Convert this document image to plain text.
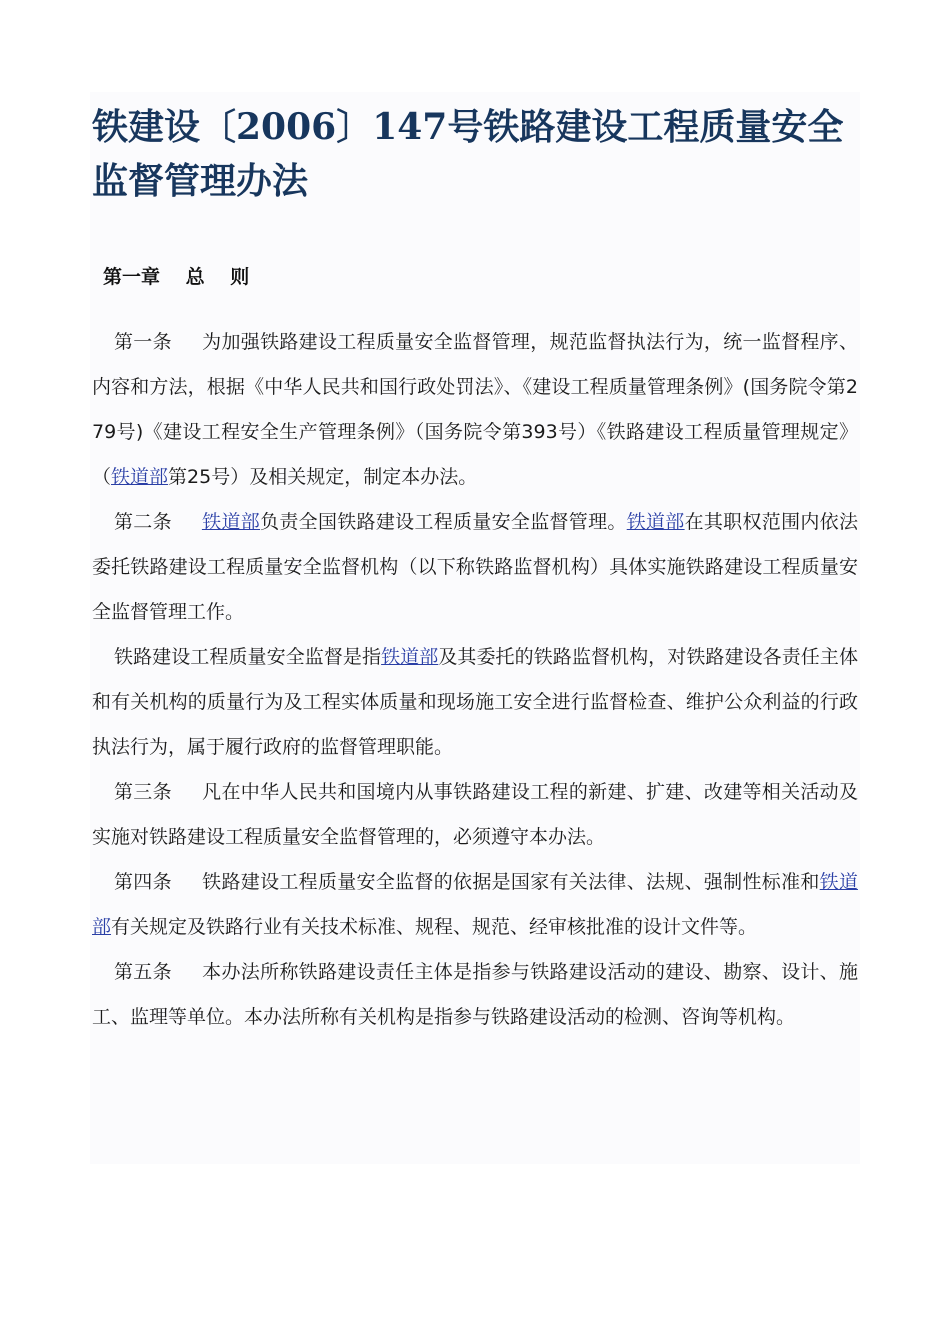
铁建设〔2006〕147号铁路建设工程质量安全监督管理办法

第一章　 总　 则

第一条 为加强铁路建设工程质量安全监督管理，规范监督执法行为，统一监督程序、内容和方法，根据《中华人民共和国行政处罚法》、《建设工程质量管理条例》(国务院令第279号)《建设工程安全生产管理条例》（国务院令第393号）《铁路建设工程质量管理规定》（铁道部第25号）及相关规定，制定本办法。

第二条 铁道部负责全国铁路建设工程质量安全监督管理。铁道部在其职权范围内依法委托铁路建设工程质量安全监督机构（以下称铁路监督机构）具体实施铁路建设工程质量安全监督管理工作。

铁路建设工程质量安全监督是指铁道部及其委托的铁路监督机构，对铁路建设各责任主体和有关机构的质量行为及工程实体质量和现场施工安全进行监督检查、维护公众利益的行政执法行为，属于履行政府的监督管理职能。

第三条 凡在中华人民共和国境内从事铁路建设工程的新建、扩建、改建等相关活动及实施对铁路建设工程质量安全监督管理的，必须遵守本办法。

第四条 铁路建设工程质量安全监督的依据是国家有关法律、法规、强制性标准和铁道部有关规定及铁路行业有关技术标准、规程、规范、经审核批准的设计文件等。

第五条 本办法所称铁路建设责任主体是指参与铁路建设活动的建设、勘察、设计、施工、监理等单位。本办法所称有关机构是指参与铁路建设活动的检测、咨询等机构。
